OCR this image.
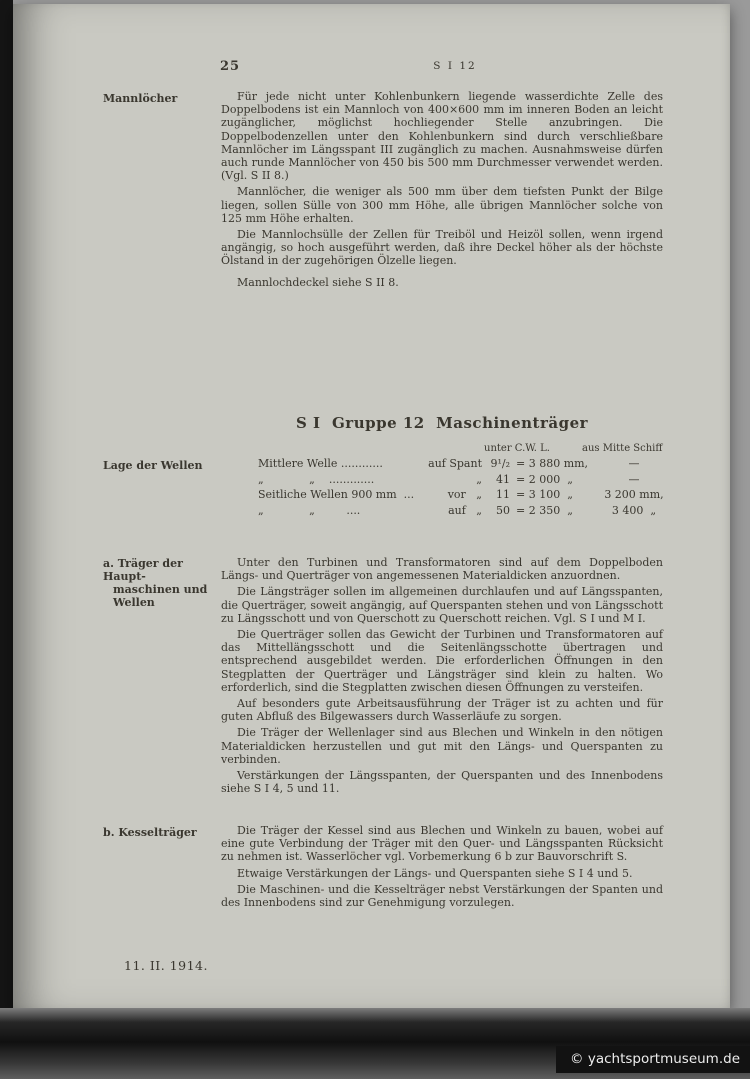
25	S I 12
Mannlöcher	Für jede nicht unter Kohlenbunkern liegende wasserdichte Zelle des Doppelbodens ist ein Mannloch von 400×600 mm im inneren Boden an leicht zugänglicher, möglichst hochliegender Stelle anzubringen. Die Doppelbodenzellen unter den Kohlenbunkern sind durch verschließbare Mannlöcher im Längsspant III zugänglich zu machen. Ausnahmsweise dürfen auch runde Mannlöcher von 450 bis 500 mm Durchmesser verwendet werden. (Vgl. S II 8.)

Mannlöcher, die weniger als 500 mm über dem tiefsten Punkt der Bilge liegen, sollen Sülle von 300 mm Höhe, alle übrigen Mannlöcher solche von 125 mm Höhe erhalten.

Die Mannlochsülle der Zellen für Treiböl und Heizöl sollen, wenn irgend angängig, so hoch ausgeführt werden, daß ihre Deckel höher als der höchste Ölstand in der zugehörigen Ölzelle liegen.

Mannlochdeckel siehe S II 8.

S I  Gruppe 12  Maschinenträger
unter C.W. L.	aus Mitte Schiff
Lage der Wellen	Mittlere Welle ............	auf Spant 9¹/₂ = 3 880 mm,	—
„             „    .............	„	41 = 2 000  „	—
Seitliche Wellen 900 mm  ...	vor   „	11 = 3 100  „	3 200 mm,
„             „         ....	auf   „	50 = 2 350  „	3 400  „
a. Träger der Haupt-
maschinen und
Wellen

Unter den Turbinen und Transformatoren sind auf dem Doppelboden Längs- und Querträger von angemessenen Materialdicken anzuordnen.

Die Längsträger sollen im allgemeinen durchlaufen und auf Längsspanten, die Querträger, soweit angängig, auf Querspanten stehen und von Längsschott zu Längsschott und von Querschott zu Querschott reichen. Vgl. S I und M I.

Die Querträger sollen das Gewicht der Turbinen und Transformatoren auf das Mittellängsschott und die Seitenlängsschotte übertragen und entsprechend ausgebildet werden. Die erforderlichen Öffnungen in den Stegplatten der Querträger und Längsträger sind klein zu halten. Wo erforderlich, sind die Stegplatten zwischen diesen Öffnungen zu versteifen.

Auf besonders gute Arbeitsausführung der Träger ist zu achten und für guten Abfluß des Bilgewassers durch Wasserläufe zu sorgen.

Die Träger der Wellenlager sind aus Blechen und Winkeln in den nötigen Materialdicken herzustellen und gut mit den Längs- und Querspanten zu verbinden.

Verstärkungen der Längsspanten, der Querspanten und des Innenbodens siehe S I 4, 5 und 11.

b. Kesselträger	Die Träger der Kessel sind aus Blechen und Winkeln zu bauen, wobei auf eine gute Verbindung der Träger mit den Quer- und Längsspanten Rücksicht zu nehmen ist. Wasserlöcher vgl. Vorbemerkung 6 b zur Bauvorschrift S.

Etwaige Verstärkungen der Längs- und Querspanten siehe S I 4 und 5.

Die Maschinen- und die Kesselträger nebst Verstärkungen der Spanten und des Innenbodens sind zur Genehmigung vorzulegen.

11. II. 1914.
© yachtsportmuseum.de
